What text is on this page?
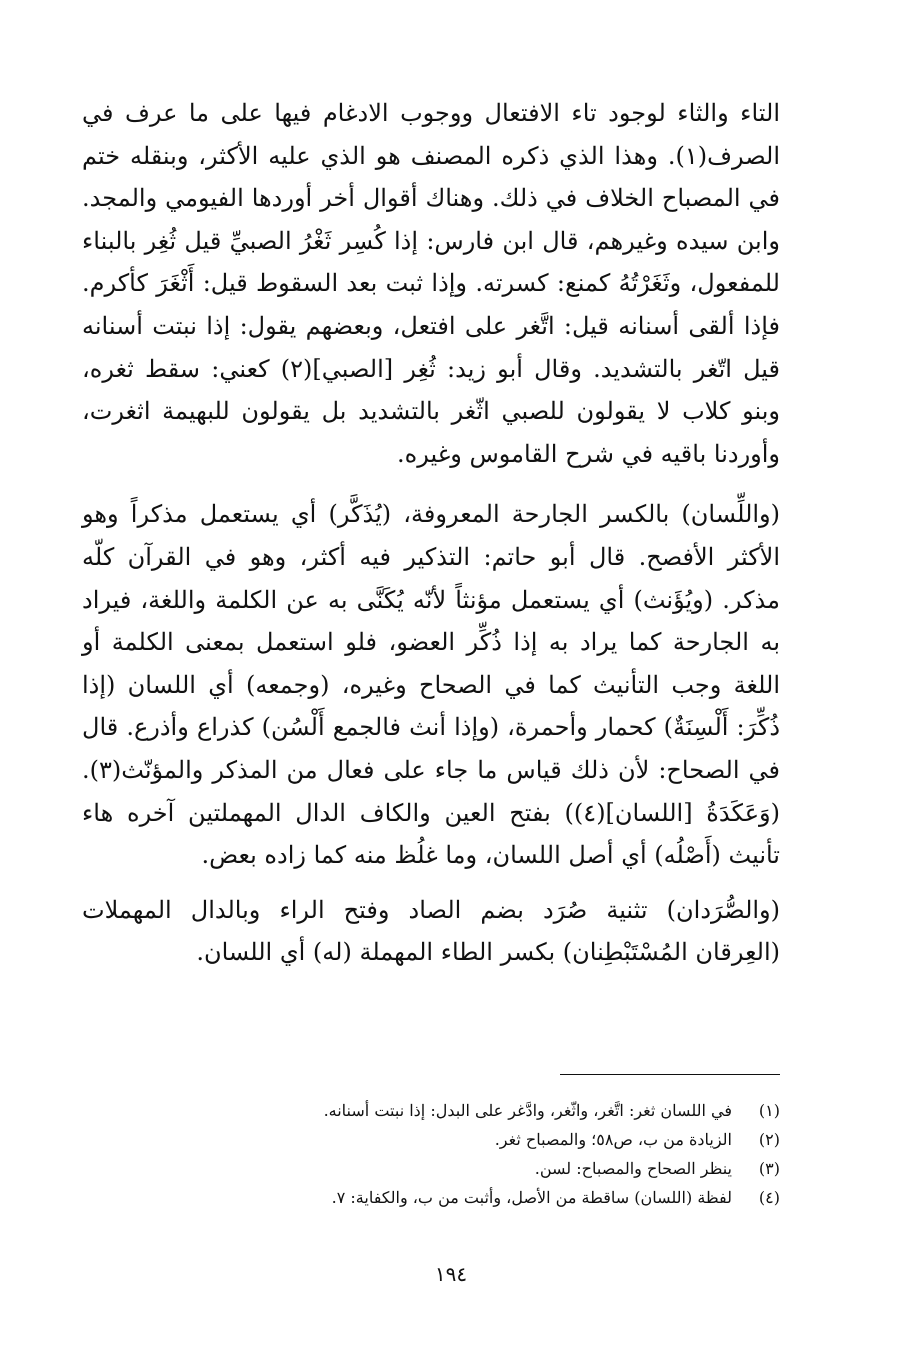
التاء والثاء لوجود تاء الافتعال ووجوب الادغام فيها على ما عرف في الصرف(١). وهذا الذي ذكره المصنف هو الذي عليه الأكثر، وبنقله ختم في المصباح الخلاف في ذلك. وهناك أقوال أخر أوردها الفيومي والمجد. وابن سيده وغيرهم، قال ابن فارس: إذا كُسِر ثَغْرُ الصبيِّ قيل ثُغِر بالبناء للمفعول، وثَغَرْتُهُ كمنع: كسرته. وإذا ثبت بعد السقوط قيل: أَثْغَرَ كأكرم. فإذا ألقى أسنانه قيل: اتَّغر على افتعل، وبعضهم يقول: إذا نبتت أسنانه قيل اتّغر بالتشديد. وقال أبو زيد: ثُغِر [الصبي](٢) كعني: سقط ثغره، وبنو كلاب لا يقولون للصبي اثّغر بالتشديد بل يقولون للبهيمة اثغرت، وأوردنا باقيه في شرح القاموس وغيره.

(واللِّسان) بالكسر الجارحة المعروفة، (يُذَكَّر) أي يستعمل مذكراً وهو الأكثر الأفصح. قال أبو حاتم: التذكير فيه أكثر، وهو في القرآن كلّه مذكر. (ويُؤَنث) أي يستعمل مؤنثاً لأنّه يُكَنَّى به عن الكلمة واللغة، فيراد به الجارحة كما يراد به إذا ذُكِّر العضو، فلو استعمل بمعنى الكلمة أو اللغة وجب التأنيث كما في الصحاح وغيره، (وجمعه) أي اللسان (إذا ذُكِّرَ: أَلْسِنَةٌ) كحمار وأحمرة، (وإذا أنث فالجمع أَلْسُن) كذراع وأذرع. قال في الصحاح: لأن ذلك قياس ما جاء على فعال من المذكر والمؤنّث(٣). (وَعَكَدَةُ [اللسان](٤)) بفتح العين والكاف الدال المهملتين آخره هاء تأنيث (أَصْلُه) أي أصل اللسان، وما غلُظ منه كما زاده بعض.

(والصُّرَدان) تثنية صُرَد بضم الصاد وفتح الراء وبالدال المهملات (العِرقان المُسْتَبْطِنان) بكسر الطاء المهملة (له) أي اللسان.

(١)
في اللسان ثغر: اتَّغر، واثّغر، وادَّغر على البدل: إذا نبتت أسنانه.
(٢)
الزيادة من ب، ص٥٨؛ والمصباح ثغر.
(٣)
ينظر الصحاح والمصباح: لسن.
(٤)
لفظة (اللسان) ساقطة من الأصل، وأثبت من ب، والكفاية: ٧.
١٩٤
